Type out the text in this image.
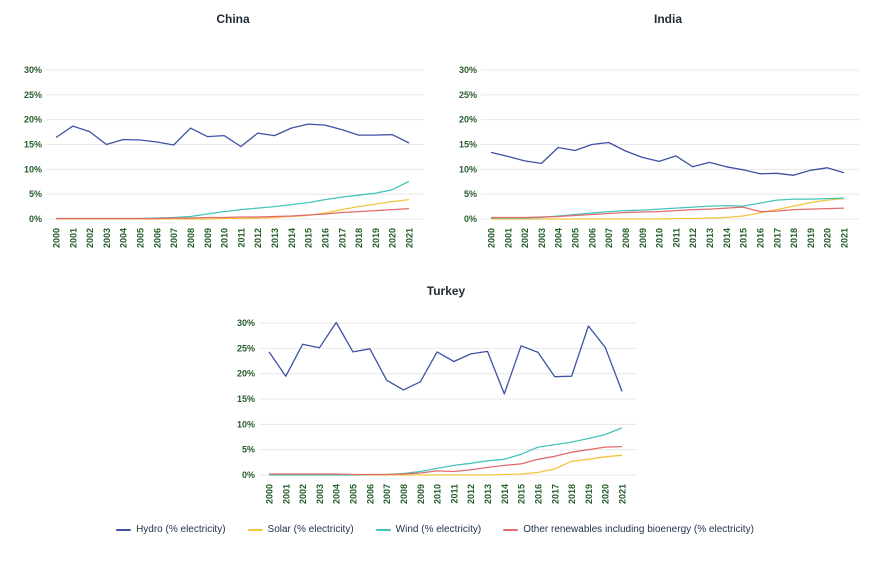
China
0%
5%
10%
15%
20%
25%
30%
2000 2001 2002 2003 2004 2005 2006 2007 2008 2009 2010 2011 2012 2013 2014 2015 2016 2017 2018 2019 2020 2021
India
0%
5%
10%
15%
20%
25%
30%
2000 2001 2002 2003 2004 2005 2006 2007 2008 2009 2010 2011 2012 2013 2014 2015 2016 2017 2018 2019 2020 2021
Turkey
0%
5%
10%
15%
20%
25%
30%
2000 2001 2002 2003 2004 2005 2006 2007 2008 2009 2010 2011 2012 2013 2014 2015 2016 2017 2018 2019 2020 2021
Hydro (% electricity)	Solar (% electricity)	Wind (% electricity)	Other renewables including bioenergy (% electricity)
